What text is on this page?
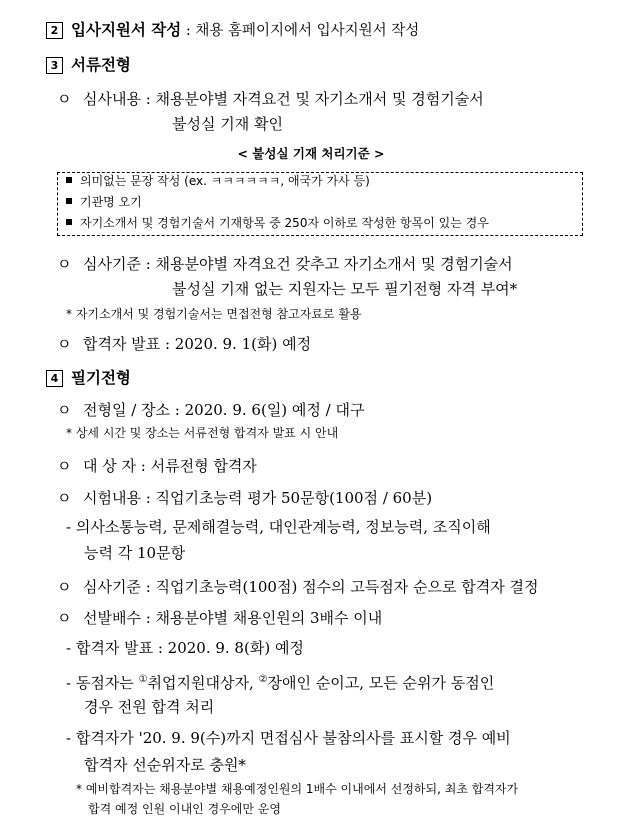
2 입사지원서 작성 : 채용 홈페이지에서 입사지원서 작성
3 서류전형
ㅇ 심사내용 : 채용분야별 자격요건 및 자기소개서 및 경험기술서
불성실 기재 확인
< 불성실 기재 처리기준 >
의미없는 문장 작성 (ex. ㅋㅋㅋㅋㅋㅋ, 애국가 가사 등)
기관명 오기
자기소개서 및 경험기술서 기재항목 중 250자 이하로 작성한 항목이 있는 경우
ㅇ 심사기준 : 채용분야별 자격요건 갖추고 자기소개서 및 경험기술서
불성실 기재 없는 지원자는 모두 필기전형 자격 부여*
* 자기소개서 및 경험기술서는 면접전형 참고자료로 활용
ㅇ 합격자 발표 : 2020. 9. 1(화) 예정
4 필기전형
ㅇ 전형일 / 장소 : 2020. 9. 6(일) 예정 / 대구
* 상세 시간 및 장소는 서류전형 합격자 발표 시 안내
ㅇ 대 상 자 : 서류전형 합격자
ㅇ 시험내용 : 직업기초능력 평가 50문항(100점 / 60분)
- 의사소통능력, 문제해결능력, 대인관계능력, 정보능력, 조직이해
능력 각 10문항
ㅇ 심사기준 : 직업기초능력(100점) 점수의 고득점자 순으로 합격자 결정
ㅇ 선발배수 : 채용분야별 채용인원의 3배수 이내
- 합격자 발표 : 2020. 9. 8(화) 예정
- 동점자는 ①취업지원대상자, ②장애인 순이고, 모든 순위가 동점인
경우 전원 합격 처리
- 합격자가 '20. 9. 9(수)까지 면접심사 불참의사를 표시할 경우 예비
합격자 선순위자로 충원*
* 예비합격자는 채용분야별 채용예정인원의 1배수 이내에서 선정하되, 최초 합격자가
합격 예정 인원 이내인 경우에만 운영
